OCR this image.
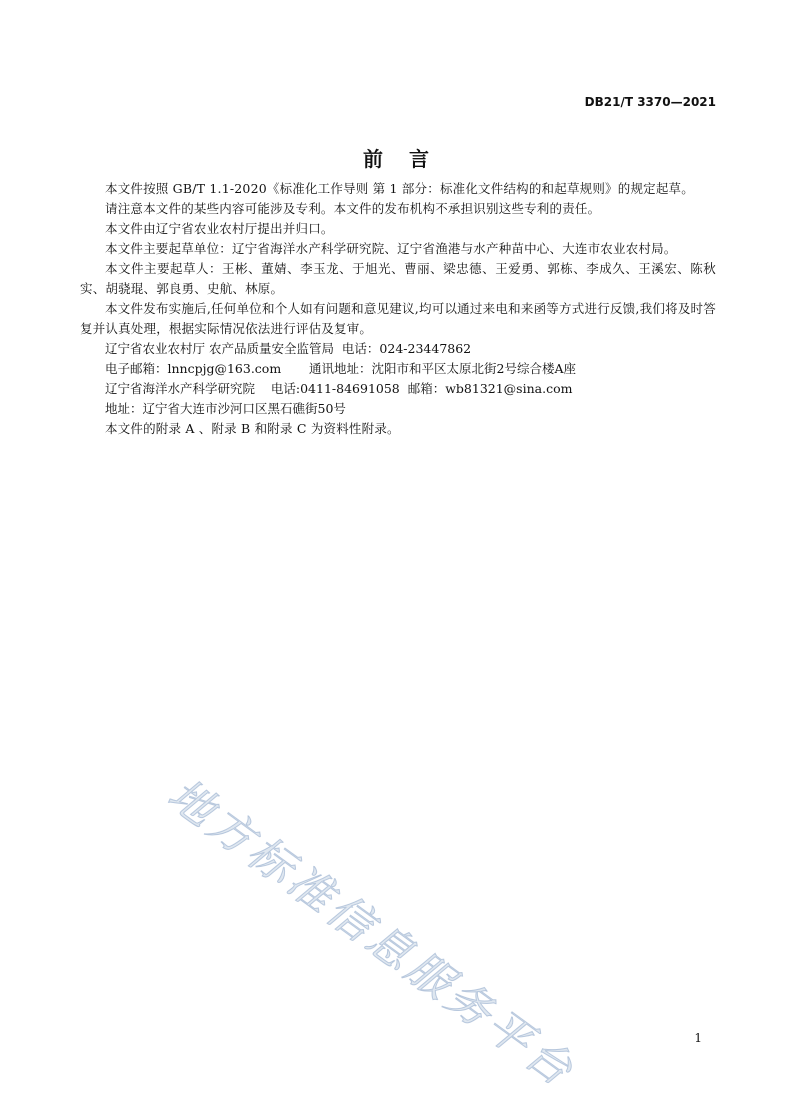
DB21/T 3370—2021
前言

本文件按照 GB/T 1.1-2020《标准化工作导则 第 1 部分：标准化文件结构的和起草规则》的规定起草。

请注意本文件的某些内容可能涉及专利。本文件的发布机构不承担识别这些专利的责任。

本文件由辽宁省农业农村厅提出并归口。

本文件主要起草单位：辽宁省海洋水产科学研究院、辽宁省渔港与水产种苗中心、大连市农业农村局。

本文件主要起草人：王彬、董婧、李玉龙、于旭光、曹丽、梁忠德、王爱勇、郭栋、李成久、王溪宏、陈秋实、胡骁琨、郭良勇、史航、林原。

本文件发布实施后,任何单位和个人如有问题和意见建议,均可以通过来电和来函等方式进行反馈,我们将及时答复并认真处理，根据实际情况依法进行评估及复审。

辽宁省农业农村厅 农产品质量安全监管局  电话：024-23447862

电子邮箱：lnncpjg@163.com       通讯地址：沈阳市和平区太原北街2号综合楼A座

辽宁省海洋水产科学研究院    电话:0411-84691058  邮箱：wb81321@sina.com

地址：辽宁省大连市沙河口区黑石礁街50号

本文件的附录 A 、附录 B 和附录 C 为资料性附录。

地方标准信息服务平台	1
